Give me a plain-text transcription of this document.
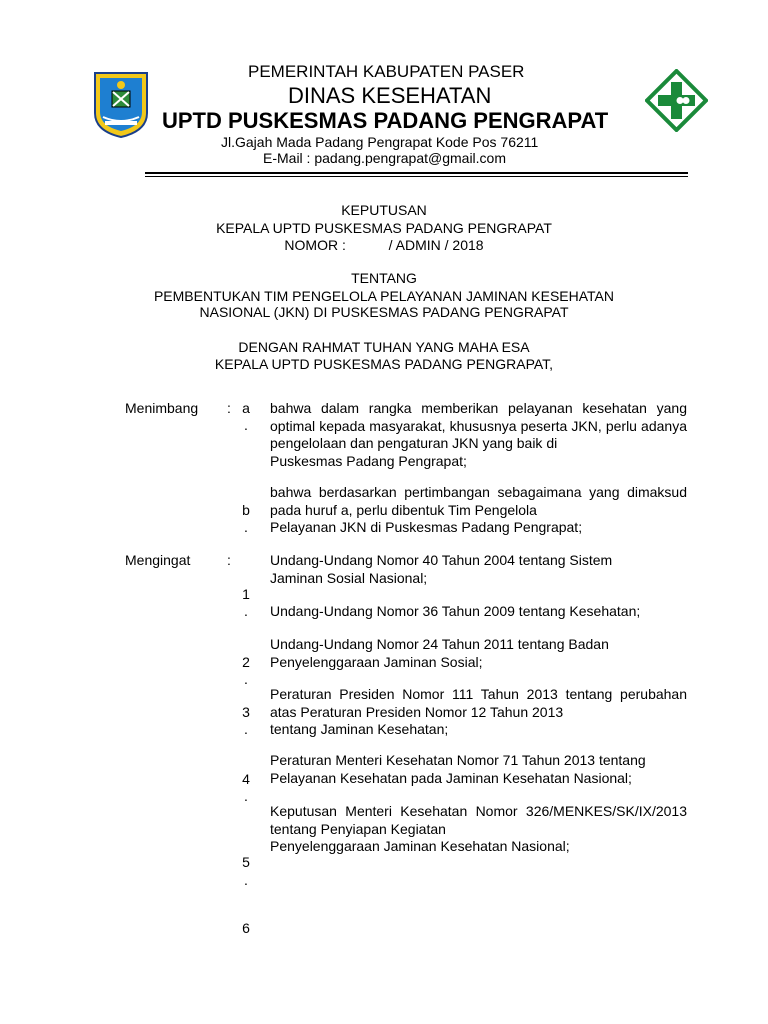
PEMERINTAH KABUPATEN PASER
DINAS KESEHATAN
UPTD PUSKESMAS PADANG PENGRAPAT
Jl.Gajah Mada Padang Pengrapat Kode Pos 76211
E-Mail : padang.pengrapat@gmail.com
KEPUTUSAN
KEPALA UPTD PUSKESMAS PADANG PENGRAPAT
NOMOR :           / ADMIN / 2018
TENTANG
PEMBENTUKAN TIM PENGELOLA PELAYANAN JAMINAN KESEHATAN
NASIONAL (JKN) DI PUSKESMAS PADANG PENGRAPAT
DENGAN RAHMAT TUHAN YANG MAHA ESA
KEPALA UPTD PUSKESMAS PADANG PENGRAPAT,
Menimbang : a
.
bahwa dalam rangka memberikan pelayanan kesehatan yang optimal kepada masyarakat, khususnya peserta JKN, perlu adanya pengelolaan dan pengaturan JKN yang baik di
Puskesmas Padang Pengrapat;
b
.
bahwa berdasarkan pertimbangan sebagaimana yang dimaksud pada huruf a, perlu dibentuk Tim Pengelola
Pelayanan JKN di Puskesmas Padang Pengrapat;
Mengingat	:
1
.
Undang-Undang Nomor 40 Tahun 2004 tentang Sistem
Jaminan Sosial Nasional;
2
.
Undang-Undang Nomor 36 Tahun 2009 tentang Kesehatan;
3
.
Undang-Undang Nomor 24 Tahun 2011 tentang Badan
Penyelenggaraan Jaminan Sosial;
4
.
Peraturan Presiden Nomor 111 Tahun 2013 tentang perubahan atas Peraturan Presiden Nomor 12 Tahun 2013
tentang Jaminan Kesehatan;
5
.
Peraturan Menteri Kesehatan Nomor 71 Tahun 2013 tentang
Pelayanan Kesehatan pada Jaminan Kesehatan Nasional;
6
Keputusan Menteri Kesehatan Nomor 326/MENKES/SK/IX/2013 tentang Penyiapan Kegiatan
Penyelenggaraan Jaminan Kesehatan Nasional;
